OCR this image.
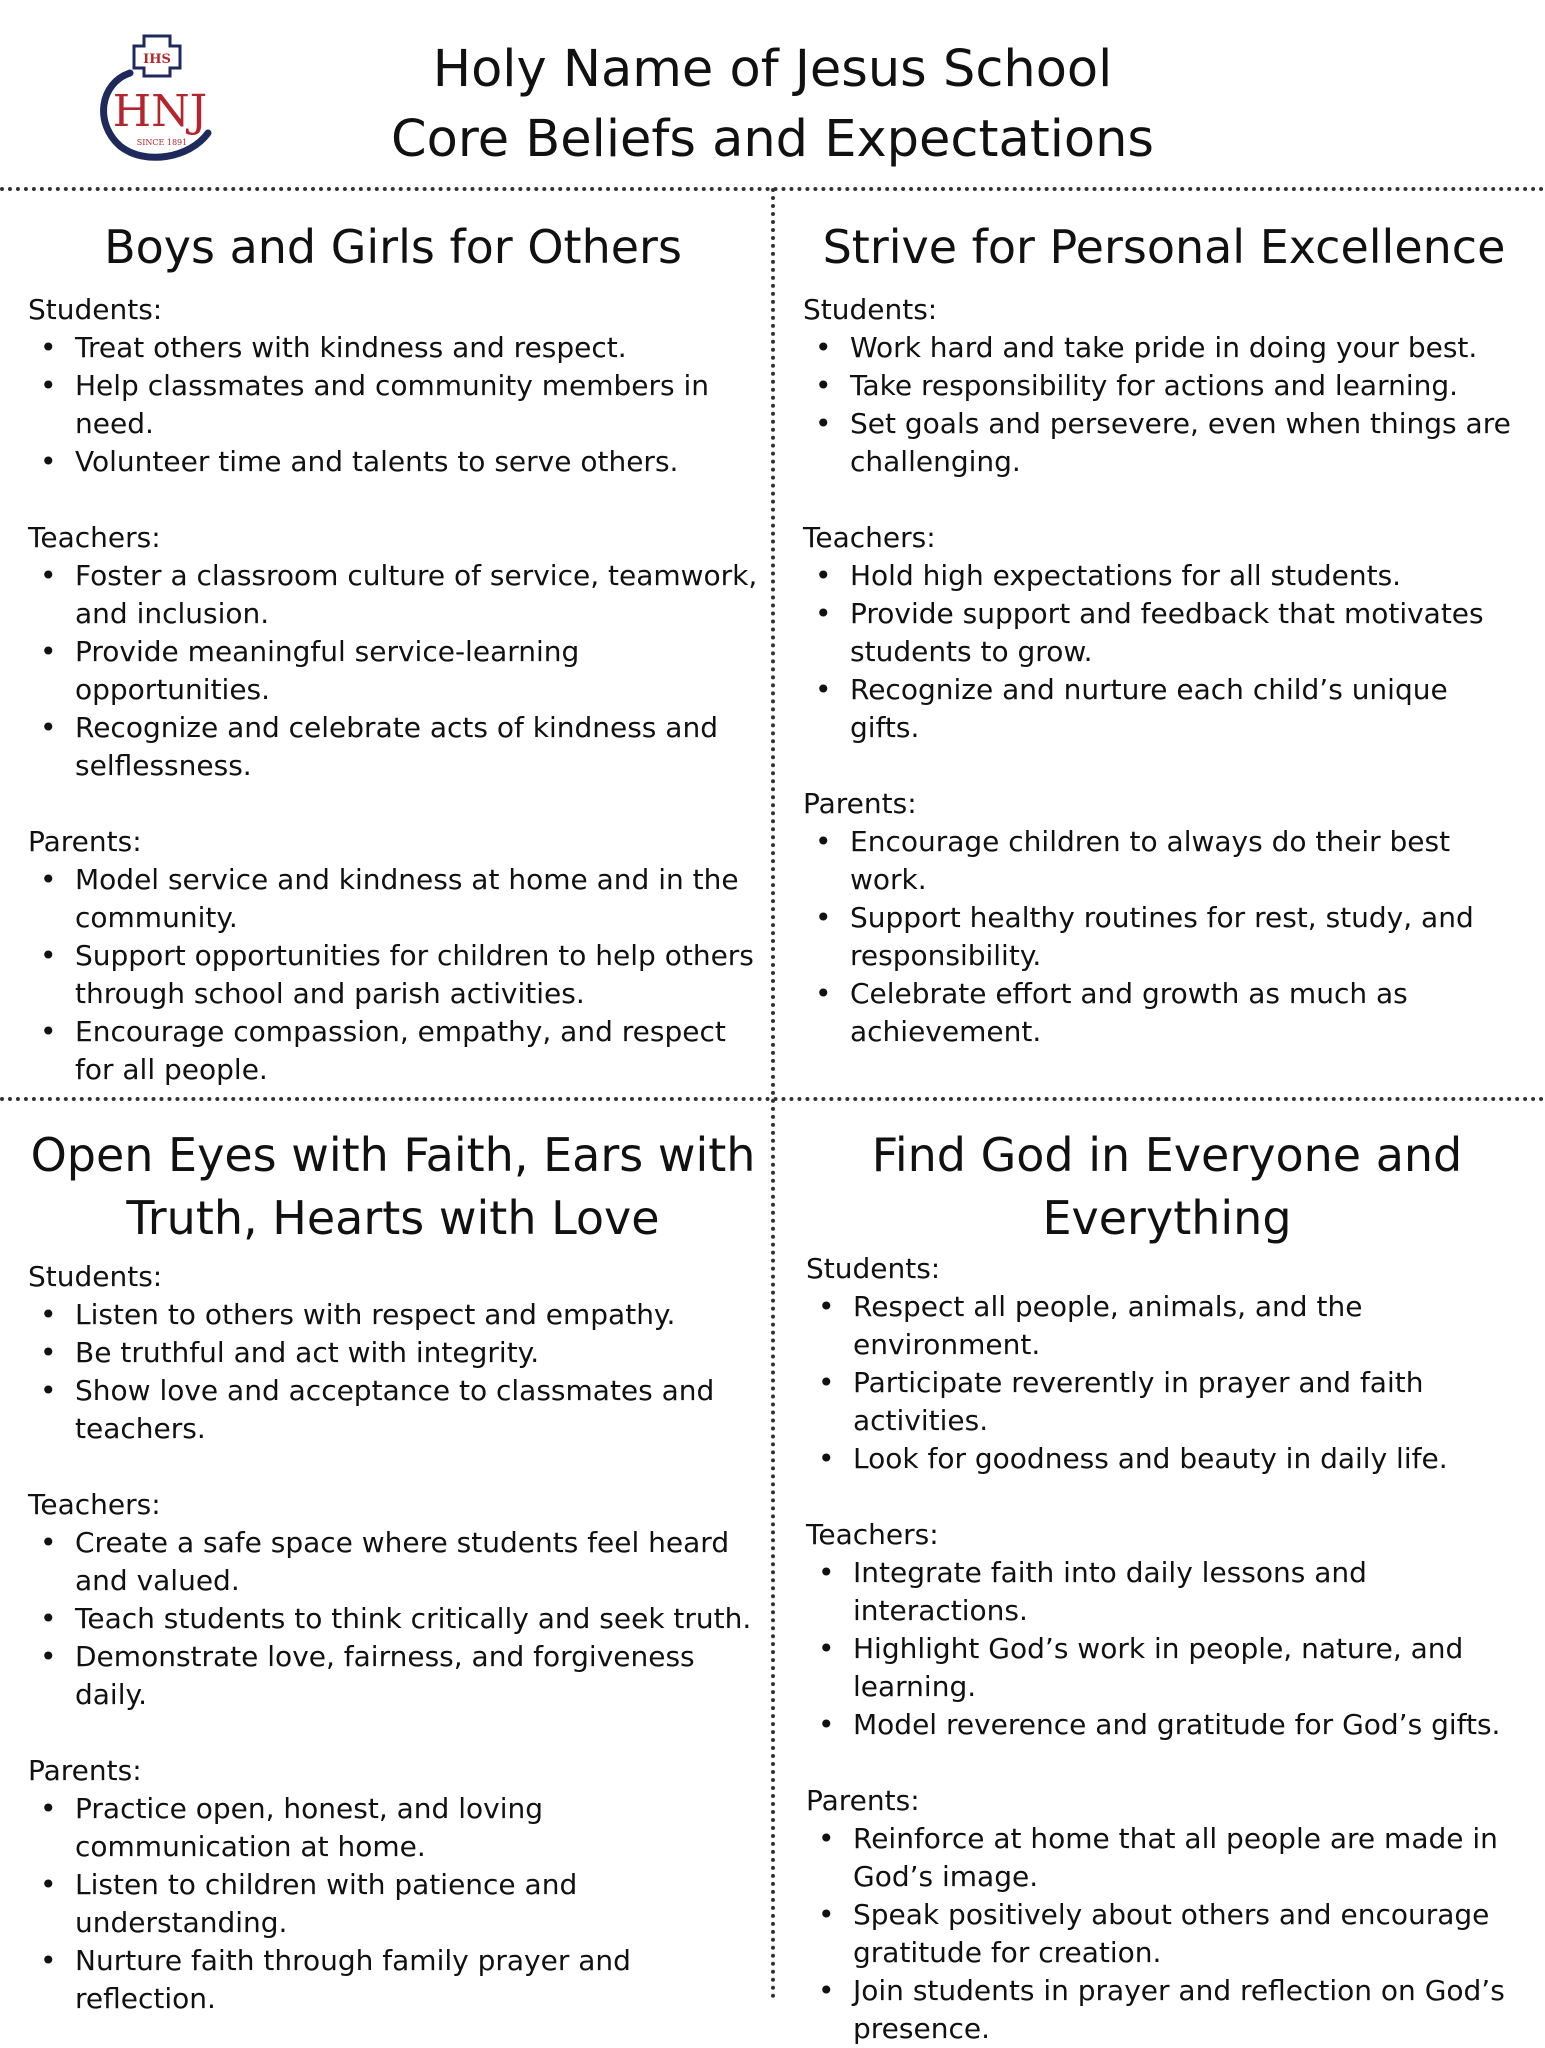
IHS
HNJ
SINCE 1891
Holy Name of Jesus School
Core Beliefs and Expectations
Boys and Girls for Others
Students:
• Treat others with kindness and respect.
• Help classmates and community members in need.
• Volunteer time and talents to serve others.
Teachers:
• Foster a classroom culture of service, teamwork, and inclusion.
• Provide meaningful service-learning opportunities.
• Recognize and celebrate acts of kindness and selflessness.
Parents:
• Model service and kindness at home and in the community.
• Support opportunities for children to help others through school and parish activities.
• Encourage compassion, empathy, and respect for all people.
Strive for Personal Excellence
Students:
• Work hard and take pride in doing your best.
• Take responsibility for actions and learning.
• Set goals and persevere, even when things are challenging.
Teachers:
• Hold high expectations for all students.
• Provide support and feedback that motivates students to grow.
• Recognize and nurture each child’s unique gifts.
Parents:
• Encourage children to always do their best work.
• Support healthy routines for rest, study, and responsibility.
• Celebrate effort and growth as much as achievement.
Open Eyes with Faith, Ears with Truth, Hearts with Love
Students:
• Listen to others with respect and empathy.
• Be truthful and act with integrity.
• Show love and acceptance to classmates and teachers.
Teachers:
• Create a safe space where students feel heard and valued.
• Teach students to think critically and seek truth.
• Demonstrate love, fairness, and forgiveness daily.
Parents:
• Practice open, honest, and loving communication at home.
• Listen to children with patience and understanding.
• Nurture faith through family prayer and reflection.
Find God in Everyone and Everything
Students:
• Respect all people, animals, and the environment.
• Participate reverently in prayer and faith activities.
• Look for goodness and beauty in daily life.
Teachers:
• Integrate faith into daily lessons and interactions.
• Highlight God’s work in people, nature, and learning.
• Model reverence and gratitude for God’s gifts.
Parents:
• Reinforce at home that all people are made in God’s image.
• Speak positively about others and encourage gratitude for creation.
• Join students in prayer and reflection on God’s presence.
